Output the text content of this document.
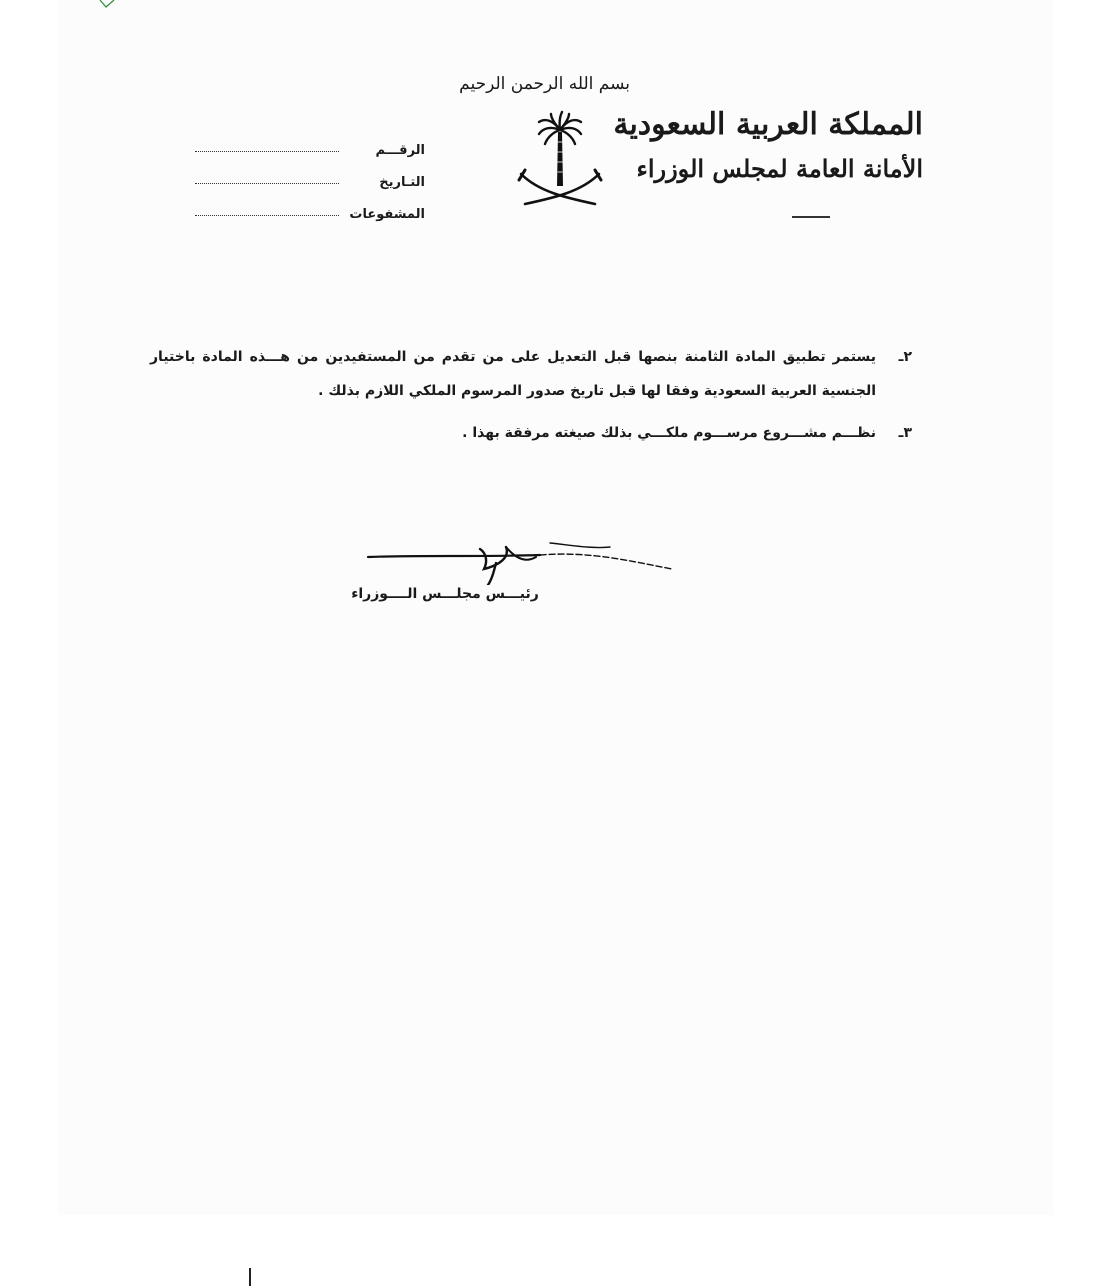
المملكة العربية السعودية
الأمانة العامة لمجلس الوزراء
بسم الله الرحمن الرحيم
الرقـــم
التـاريخ
المشفوعات
٢ـ
يستمر تطبيق المادة الثامنة بنصها قبل التعديل على من تقدم من المستفيدين من هـــذه المادة باختيار الجنسية العربية السعودية وفقا لها قبل تاريخ صدور المرسوم الملكي اللازم بذلك .
٣ـ
نظـــم مشـــروع مرســـوم ملكـــي بذلك صيغته مرفقة بهذا .
رئيـــس مجلـــس الــــوزراء
